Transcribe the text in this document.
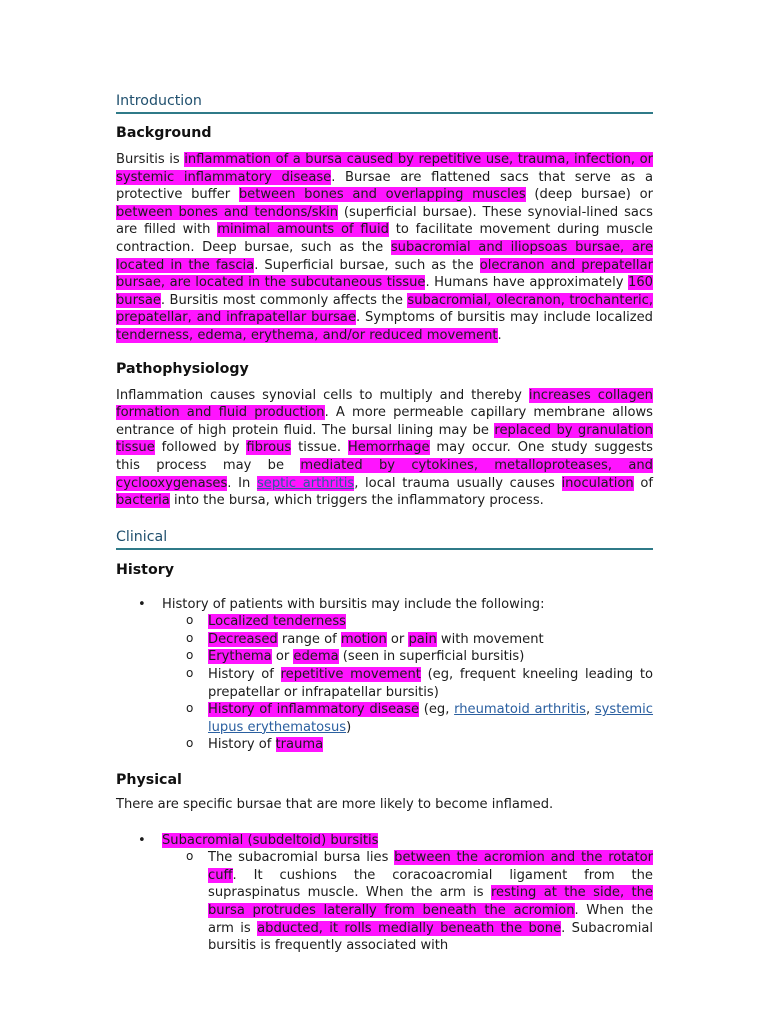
Introduction
Background

Bursitis is inflammation of a bursa caused by repetitive use, trauma, infection, or systemic inflammatory disease. Bursae are flattened sacs that serve as a protective buffer between bones and overlapping muscles (deep bursae) or between bones and tendons/skin (superficial bursae). These synovial-lined sacs are filled with minimal amounts of fluid to facilitate movement during muscle contraction. Deep bursae, such as the subacromial and iliopsoas bursae, are located in the fascia. Superficial bursae, such as the olecranon and prepatellar bursae, are located in the subcutaneous tissue. Humans have approximately 160 bursae. Bursitis most commonly affects the subacromial, olecranon, trochanteric, prepatellar, and infrapatellar bursae. Symptoms of bursitis may include localized tenderness, edema, erythema, and/or reduced movement.

Pathophysiology

Inflammation causes synovial cells to multiply and thereby increases collagen formation and fluid production. A more permeable capillary membrane allows entrance of high protein fluid. The bursal lining may be replaced by granulation tissue followed by fibrous tissue. Hemorrhage may occur. One study suggests this process may be mediated by cytokines, metalloproteases, and cyclooxygenases. In septic arthritis, local trauma usually causes inoculation of bacteria into the bursa, which triggers the inflammatory process.

Clinical
History
• History of patients with bursitis may include the following:
o Localized tenderness
o Decreased range of motion or pain with movement
o Erythema or edema (seen in superficial bursitis)
o History of repetitive movement (eg, frequent kneeling leading to prepatellar or infrapatellar bursitis)
o History of inflammatory disease (eg, rheumatoid arthritis, systemic lupus erythematosus)
o History of trauma
Physical

There are specific bursae that are more likely to become inflamed.

• Subacromial (subdeltoid) bursitis
o The subacromial bursa lies between the acromion and the rotator cuff. It cushions the coracoacromial ligament from the supraspinatus muscle. When the arm is resting at the side, the bursa protrudes laterally from beneath the acromion. When the arm is abducted, it rolls medially beneath the bone. Subacromial bursitis is frequently associated with
